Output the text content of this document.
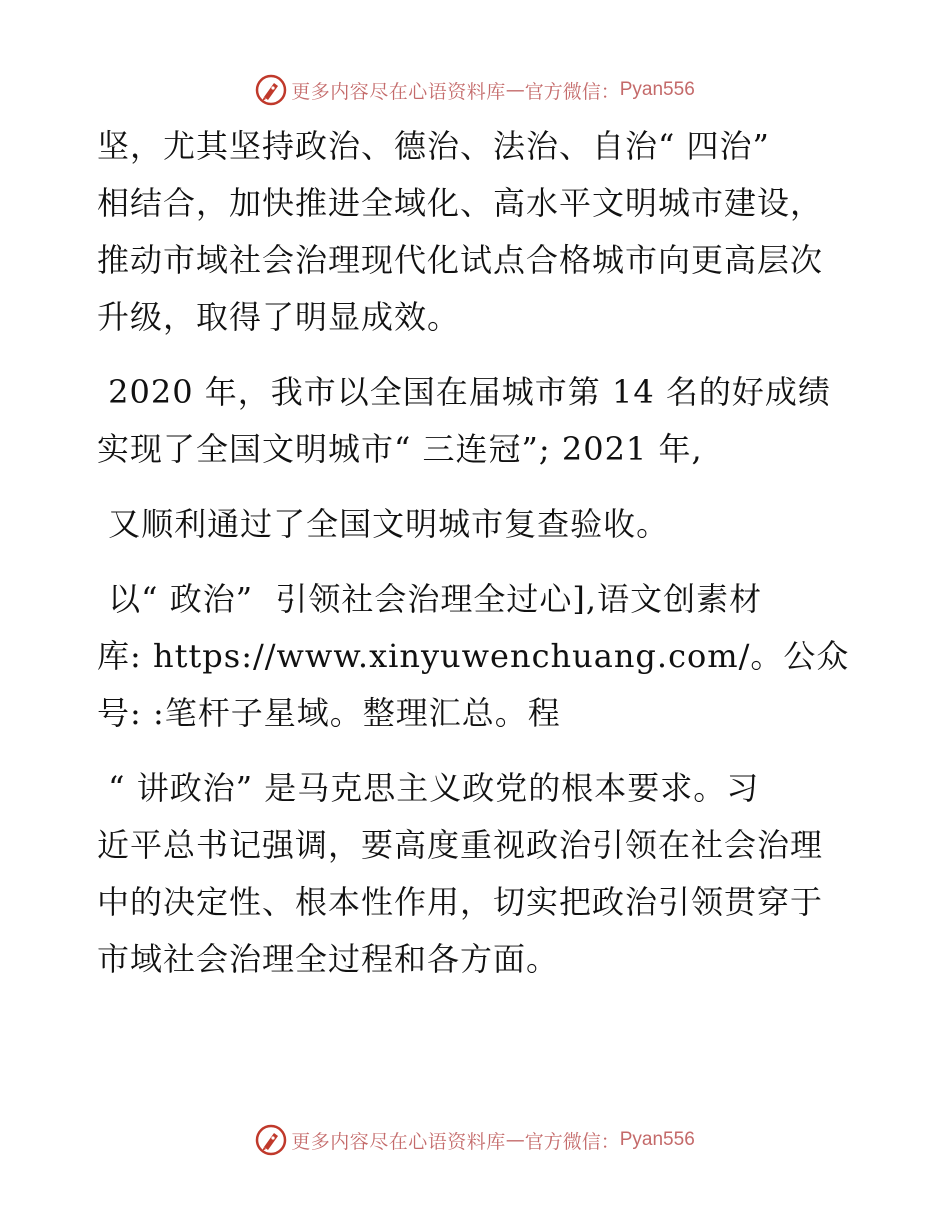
更多内容尽在心语资料库 — 官方微信： Pyan556

坚，尤其坚持政治、德治、法治、自治“ 四治”
相结合，加快推进全域化、高水平文明城市建设，
推动市域社会治理现代化试点合格城市向更高层次
升级，取得了明显成效。

2020 年，我市以全国在届城市第 14 名的好成绩
实现了全国文明城市“ 三连冠”; 2021 年,

又顺利通过了全国文明城市复查验收。

以“ 政治”  引领社会治理全过心],语文创素材
库: https://www.xinyuwenchuang.com/。公众
号: :笔杆子星域。整理汇总。程

“ 讲政治” 是马克思主义政党的根本要求。习
近平总书记强调，要高度重视政治引领在社会治理
中的决定性、根本性作用，切实把政治引领贯穿于
市域社会治理全过程和各方面。

更多内容尽在心语资料库 — 官方微信： Pyan556
